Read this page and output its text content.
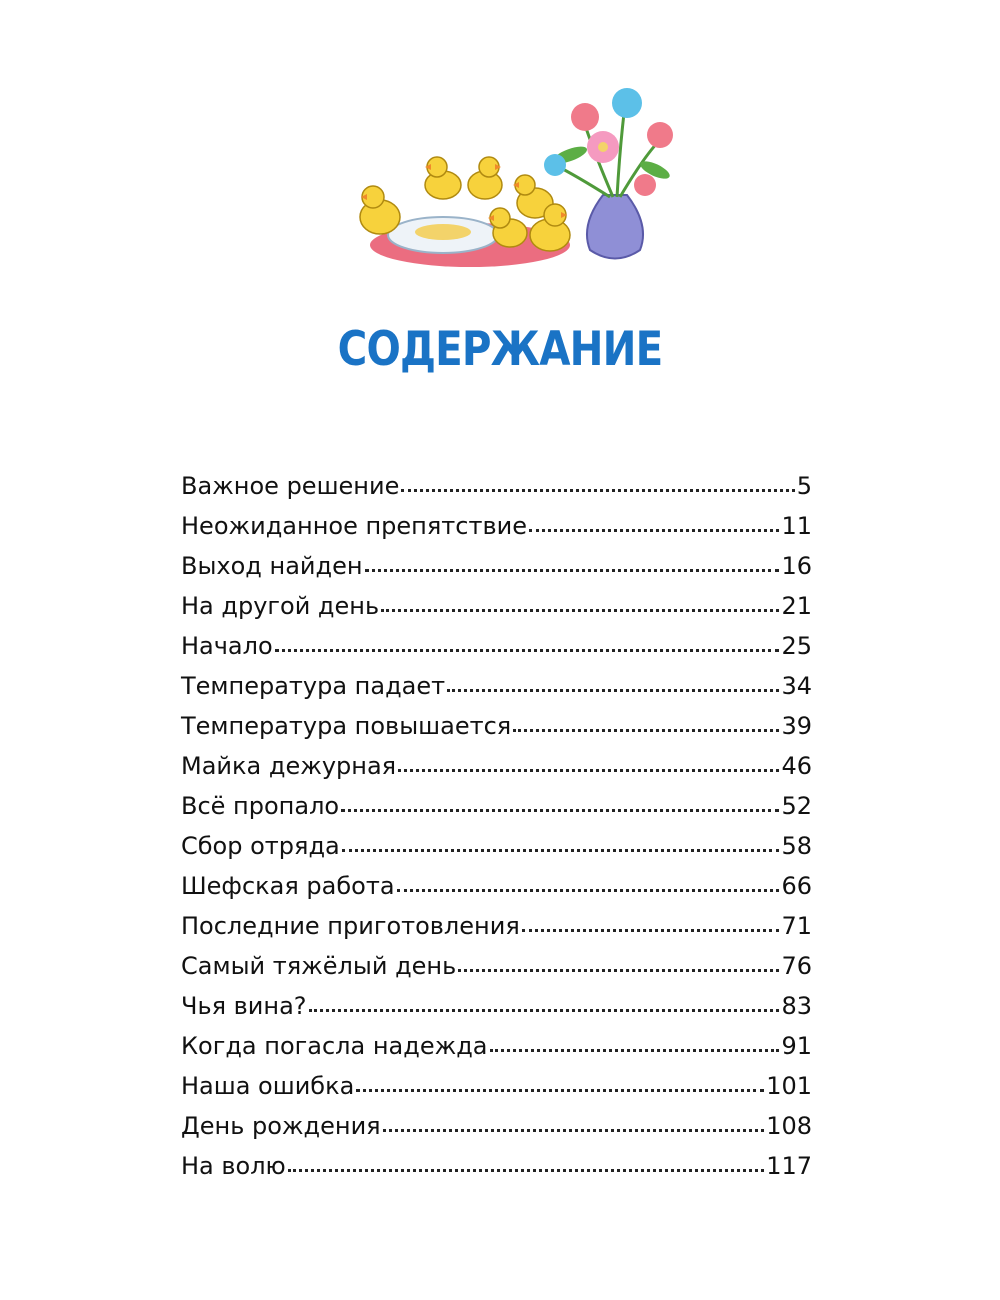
СОДЕРЖАНИЕ
Важное решение	5
Неожиданное препятствие	11
Выход найден	16
На другой день	21
Начало	25
Температура падает	34
Температура повышается	39
Майка дежурная	46
Всё пропало	52
Сбор отряда	58
Шефская работа	66
Последние приготовления	71
Самый тяжёлый день	76
Чья вина?	83
Когда погасла надежда	91
Наша ошибка	101
День рождения	108
На волю	117
